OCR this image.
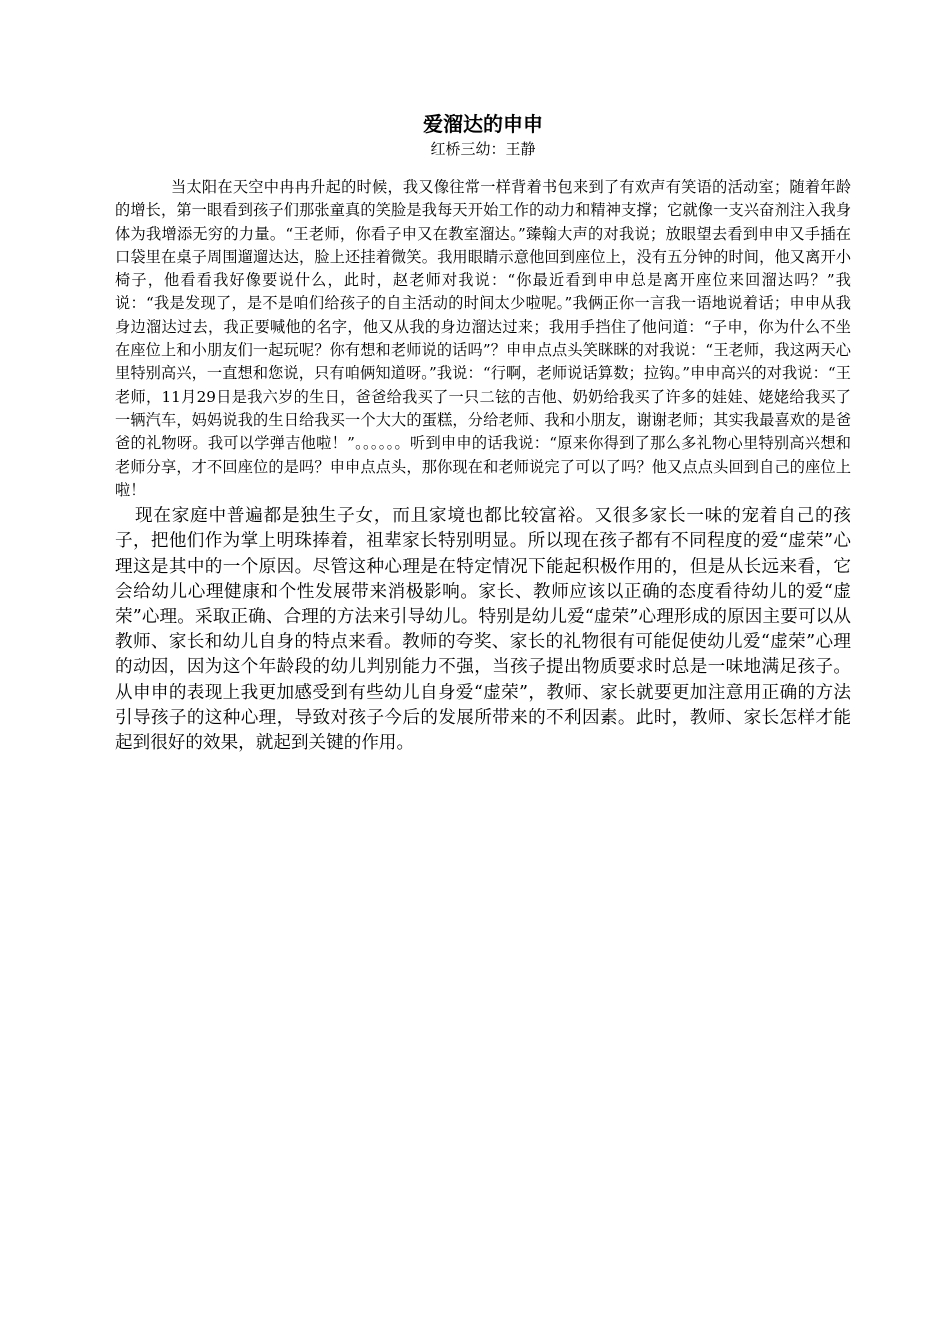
爱溜达的申申

红桥三幼：王静

当太阳在天空中冉冉升起的时候，我又像往常一样背着书包来到了有欢声有笑语的活动室；随着年龄的增长，第一眼看到孩子们那张童真的笑脸是我每天开始工作的动力和精神支撑；它就像一支兴奋剂注入我身体为我增添无穷的力量。“王老师，你看子申又在教室溜达。”臻翰大声的对我说；放眼望去看到申申又手插在口袋里在桌子周围遛遛达达，脸上还挂着微笑。我用眼睛示意他回到座位上，没有五分钟的时间，他又离开小椅子，他看看我好像要说什么，此时，赵老师对我说：“你最近看到申申总是离开座位来回溜达吗？”我说：“我是发现了，是不是咱们给孩子的自主活动的时间太少啦呢。”我俩正你一言我一语地说着话；申申从我身边溜达过去，我正要喊他的名字，他又从我的身边溜达过来；我用手挡住了他问道：“子申，你为什么不坐在座位上和小朋友们一起玩呢？你有想和老师说的话吗”？申申点点头笑眯眯的对我说：“王老师，我这两天心里特别高兴，一直想和您说，只有咱俩知道呀。”我说：“行啊，老师说话算数；拉钩。”申申高兴的对我说：“王老师，11月29日是我六岁的生日，爸爸给我买了一只二铉的吉他、奶奶给我买了许多的娃娃、姥姥给我买了一辆汽车，妈妈说我的生日给我买一个大大的蛋糕，分给老师、我和小朋友，谢谢老师；其实我最喜欢的是爸爸的礼物呀。我可以学弹吉他啦！”。。。。。。听到申申的话我说：“原来你得到了那么多礼物心里特别高兴想和老师分享，才不回座位的是吗？申申点点头，那你现在和老师说完了可以了吗？他又点点头回到自己的座位上啦！

现在家庭中普遍都是独生子女，而且家境也都比较富裕。又很多家长一味的宠着自己的孩子，把他们作为掌上明珠捧着，祖辈家长特别明显。所以现在孩子都有不同程度的爱“虚荣”心理这是其中的一个原因。尽管这种心理是在特定情况下能起积极作用的，但是从长远来看，它会给幼儿心理健康和个性发展带来消极影响。家长、教师应该以正确的态度看待幼儿的爱“虚荣”心理。采取正确、合理的方法来引导幼儿。特别是幼儿爱“虚荣”心理形成的原因主要可以从教师、家长和幼儿自身的特点来看。教师的夸奖、家长的礼物很有可能促使幼儿爱“虚荣”心理的动因，因为这个年龄段的幼儿判别能力不强，当孩子提出物质要求时总是一味地满足孩子。从申申的表现上我更加感受到有些幼儿自身爱“虚荣”，教师、家长就要更加注意用正确的方法引导孩子的这种心理，导致对孩子今后的发展所带来的不利因素。此时，教师、家长怎样才能起到很好的效果，就起到关键的作用。
